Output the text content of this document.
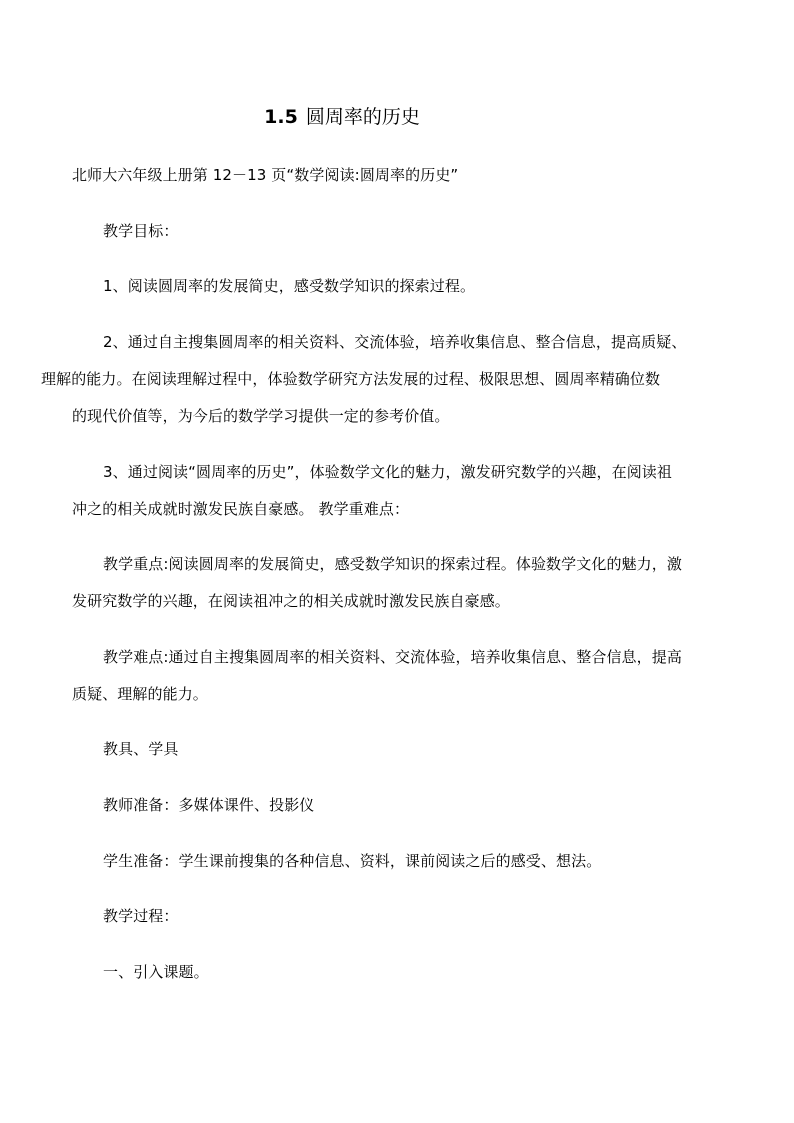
1.5 圆周率的历史

北师大六年级上册第 12－13 页“数学阅读:圆周率的历史”

教学目标：

1、阅读圆周率的发展简史，感受数学知识的探索过程。

2、通过自主搜集圆周率的相关资料、交流体验，培养收集信息、整合信息，提高质疑、
理解的能力。在阅读理解过程中，体验数学研究方法发展的过程、极限思想、圆周率精确位数
的现代价值等，为今后的数学学习提供一定的参考价值。

3、通过阅读“圆周率的历史”，体验数学文化的魅力，激发研究数学的兴趣，在阅读祖
冲之的相关成就时激发民族自豪感。 教学重难点：

教学重点:阅读圆周率的发展简史，感受数学知识的探索过程。体验数学文化的魅力，激
发研究数学的兴趣，在阅读祖冲之的相关成就时激发民族自豪感。

教学难点:通过自主搜集圆周率的相关资料、交流体验，培养收集信息、整合信息，提高
质疑、理解的能力。

教具、学具

教师准备：多媒体课件、投影仪

学生准备：学生课前搜集的各种信息、资料，课前阅读之后的感受、想法。

教学过程：

一、引入课题。
